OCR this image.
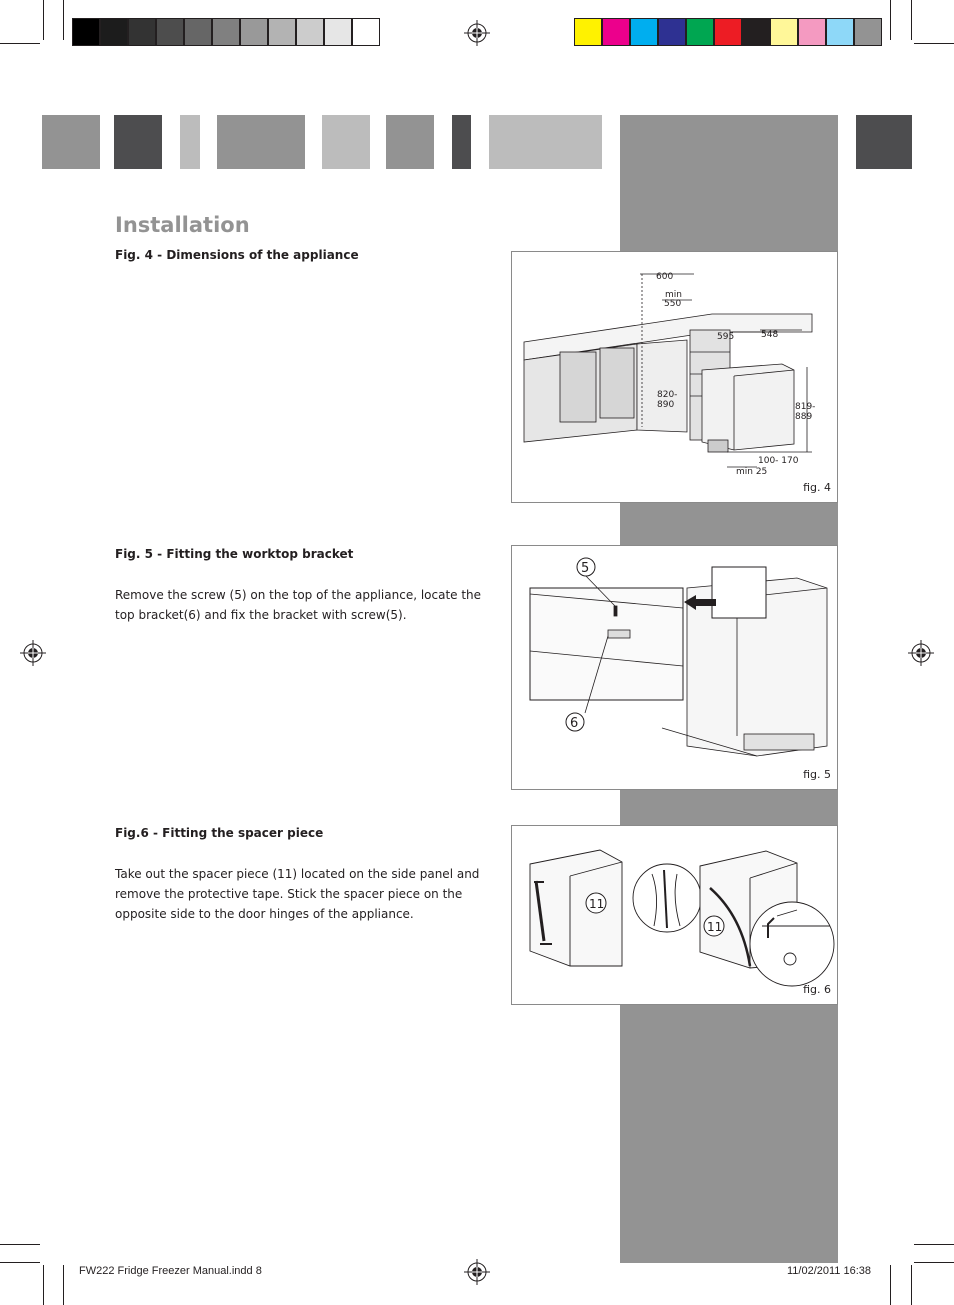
Installation
Fig. 4 - Dimensions of the appliance
600
min
550
595	548
820-
890	819-
889
100- 170
min 25
fig. 4
Fig. 5 - Fitting the worktop bracket
Remove the screw (5) on the top of the appliance, locate the top bracket(6) and fix the bracket with screw(5).
5
6
fig. 5
Fig.6 - Fitting the spacer piece
Take out the spacer piece (11) located on the side panel and remove the protective tape. Stick the spacer piece on the opposite side to the door hinges of the appliance.
11
11
fig. 6
FW222 Fridge Freezer Manual.indd 8	11/02/2011 16:38
